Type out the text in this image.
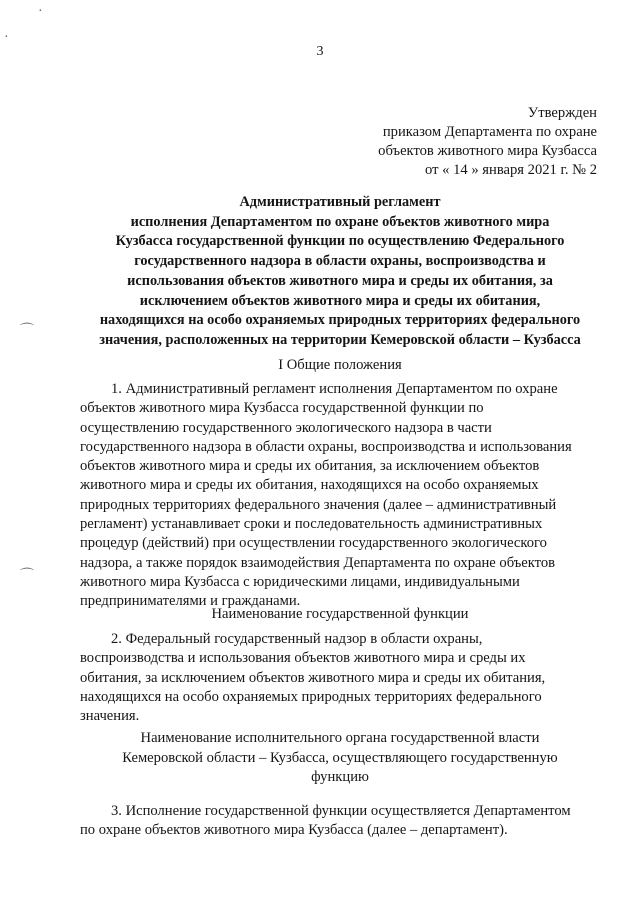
·
·
⌒
⌒
3
Утвержден
приказом Департамента по охране
объектов животного мира Кузбасса
от « 14 » января 2021 г. № 2
Административный регламент
исполнения Департаментом по охране объектов животного мира
Кузбасса государственной функции по осуществлению Федерального
государственного надзора в области охраны, воспроизводства и
использования объектов животного мира и среды их обитания, за
исключением объектов животного мира и среды их обитания,
находящихся на особо охраняемых природных территориях федерального
значения, расположенных на территории Кемеровской области – Кузбасса
I Общие положения
1. Административный регламент исполнения Департаментом по охране
объектов животного мира Кузбасса государственной функции по
осуществлению государственного экологического надзора в части
государственного надзора в области охраны, воспроизводства и использования
объектов животного мира и среды их обитания, за исключением объектов
животного мира и среды их обитания, находящихся на особо охраняемых
природных территориях федерального значения (далее – административный
регламент) устанавливает сроки и последовательность административных
процедур (действий) при осуществлении государственного экологического
надзора, а также порядок взаимодействия Департамента по охране объектов
животного мира Кузбасса с юридическими лицами, индивидуальными
предпринимателями и гражданами.
Наименование государственной функции
2. Федеральный государственный надзор в области охраны,
воспроизводства и использования объектов животного мира и среды их
обитания, за исключением объектов животного мира и среды их обитания,
находящихся на особо охраняемых природных территориях федерального
значения.
Наименование исполнительного органа государственной власти
Кемеровской области – Кузбасса, осуществляющего государственную
функцию
3. Исполнение государственной функции осуществляется Департаментом
по охране объектов животного мира Кузбасса (далее – департамент).
